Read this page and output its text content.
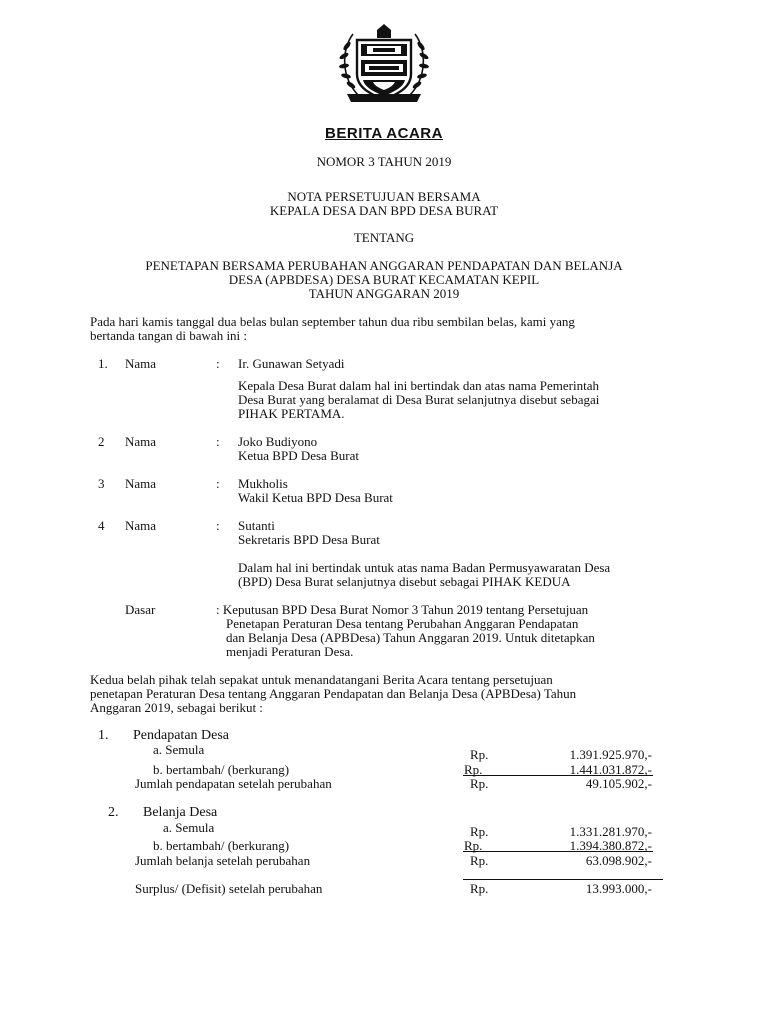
BERITA ACARA
NOMOR 3 TAHUN 2019
NOTA PERSETUJUAN BERSAMA
KEPALA DESA DAN BPD DESA BURAT
TENTANG
PENETAPAN BERSAMA PERUBAHAN ANGGARAN PENDAPATAN DAN BELANJA
DESA (APBDESA) DESA BURAT KECAMATAN KEPIL
TAHUN ANGGARAN 2019
Pada hari kamis tanggal dua belas bulan september tahun dua ribu sembilan belas, kami yang
bertanda tangan di bawah ini :
1. Nama	: Ir. Gunawan Setyadi
Kepala Desa Burat dalam hal ini bertindak dan atas nama Pemerintah
Desa Burat yang beralamat di Desa Burat selanjutnya disebut sebagai
PIHAK PERTAMA.
2 Nama	: Joko Budiyono
Ketua BPD Desa Burat
3 Nama	: Mukholis
Wakil Ketua BPD Desa Burat
4 Nama	: Sutanti
Sekretaris BPD Desa Burat
Dalam hal ini bertindak untuk atas nama Badan Permusyawaratan Desa
(BPD) Desa Burat selanjutnya disebut sebagai PIHAK KEDUA
Dasar	: Keputusan BPD Desa Burat Nomor 3 Tahun 2019 tentang Persetujuan
Penetapan Peraturan Desa tentang Perubahan Anggaran Pendapatan
dan Belanja Desa (APBDesa) Tahun Anggaran 2019. Untuk ditetapkan
menjadi Peraturan Desa.
Kedua belah pihak telah sepakat untuk menandatangani Berita Acara tentang persetujuan
penetapan Peraturan Desa tentang Anggaran Pendapatan dan Belanja Desa (APBDesa) Tahun
Anggaran 2019, sebagai berikut :
1. Pendapatan Desa
a. Semula	Rp.	1.391.925.970,-
b. bertambah/ (berkurang)	Rp.	1.441.031.872,-
Jumlah pendapatan setelah perubahan	Rp.	49.105.902,-
2. Belanja Desa
a. Semula	Rp.	1.331.281.970,-
b. bertambah/ (berkurang)	Rp.	1.394.380.872,-
Jumlah belanja setelah perubahan	Rp.	63.098.902,-
Surplus/ (Defisit) setelah perubahan	Rp.	13.993.000,-
